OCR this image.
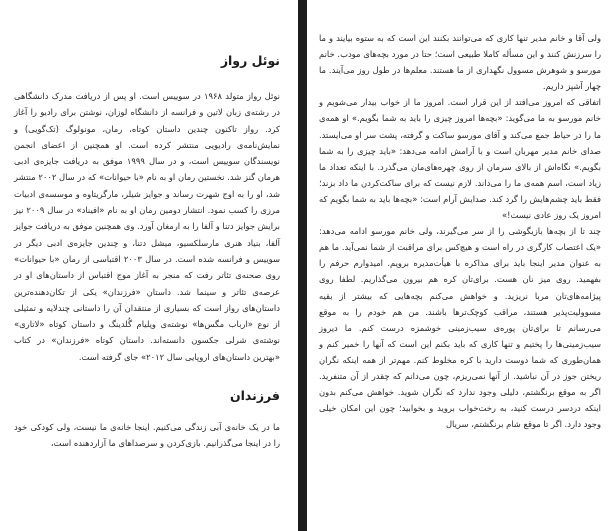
نوئل رواز

نوئل رواز متولد ۱۹۶۸ در سوییس است. او پس از دریافت مدرک دانشگاهی در رشته‌ی زبان لاتین و فرانسه از دانشگاه لوزان، نوشتن برای رادیو را آغاز کرد. رواز تاکنون چندین داستان کوتاه، رمان، مونولوگ (تک‌گویی) و نمایش‌نامه‌ی رادیویی منتشر کرده است. او همچنین از اعضای انجمن نویسندگان سوییس است، و در سال ۱۹۹۹ موفق به دریافت جایزه‌ی ادبی هرمان گنز شد. نخستین رمان او به نام «با حیوانات» که در سال ۲۰۰۲ منتشر شد، او را به اوج شهرت رساند و جوایز شیلر، مارگریتاوه و موسسه‌ی ادبیات مرزی را کسب نمود. انتشار دومین رمان او به نام «افیناد» در سال ۲۰۰۹ نیز برایش جوایز دتنا و آلفا را به ارمغان آورد. وی همچنین موفق به دریافت جوایز آلفا، بنیاد هنری مارسلکسیو، میشل دتنا، و چندین جایزه‌ی ادبی دیگر در سوییس و فرانسه شده است. در سال ۲۰۰۳ اقتباسی از رمان «با حیوانات» روی صحنه‌ی تئاتر رفت که منجر به آغاز موج اقتباس از داستان‌های او در عرصه‌ی تئاتر و سینما شد. داستان «فرزندان» یکی از تکان‌دهنده‌ترین داستان‌های رواز است که بسیاری از منتقدان آن را داستانی چندلایه و تمثیلی از نوع «ارباب مگس‌ها» نوشته‌ی ویلیام گُلدینگ و داستان کوتاه «لاتاری» نوشته‌ی شرلی جکسون دانسته‌اند. داستان کوتاه «فرزندان» در کتاب «بهترین داستان‌های اروپایی سال ۲۰۱۲» جای گرفته است.

فرزندان

ما در یک خانه‌ی آبی زندگی می‌کنیم. اینجا خانه‌ی ما نیست، ولی کودکی خود را در اینجا می‌گذرانیم. بازی‌کردن و سرصداهای ما آزاردهنده است،

ولی آقا و خانم مدیر تنها کاری که می‌توانند بکنند این است که به ستوه بیایند و ما را سرزنش کنند و این مسأله کاملا طبیعی است؛ حتا در مورد بچه‌های مودب. خانم مورسو و شوهرش مسوول نگهداری از ما هستند. معلم‌ها در طول روز می‌آیند. ما چهار آشپز داریم.

اتفاقی که امروز می‌افتد از این قرار است. امروز ما از خواب بیدار می‌شویم و خانم مورسو به ما می‌گوید: «بچه‌ها امروز چیزی را باید به شما بگویم.» او همه‌ی ما را در حیاط جمع می‌کند و آقای مورسو ساکت و گرفته، پشت سر او می‌ایستد. صدای خانم مدیر مهربان است و با آرامش ادامه می‌دهد: «باید چیزی را به شما بگویم.» نگاه‌اش از بالای سرمان از روی چهره‌های‌مان می‌گذرد. با اینکه تعداد ما زیاد است، اسم همه‌ی ما را می‌داند. لازم نیست که برای ساکت‌کردن ما داد بزند؛ فقط باید چشم‌هایش را گرد کند. صدایش آرام است: «بچه‌ها باید به شما بگویم که امروز یک روز عادی نیست!»

چند تا از بچه‌ها بازیگوشی را از سر می‌گیرند، ولی خانم مورسو ادامه می‌دهد: «یک اعتصاب کارگری در راه است و هیچ‌کس برای مراقبت از شما نمی‌آید. ما هم به عنوان مدیر اینجا باید برای مذاکره با هیأت‌مدیره برویم. امیدوارم حرفم را بفهمید. روی میز نان هست. برای‌تان کره هم بیرون می‌گذاریم. لطفا روی پیژامه‌های‌تان مربا نریزید. و خواهش می‌کنم بچه‌هایی که بیشتر از بقیه مسوولیت‌پذیر هستند، مراقب کوچک‌ترها باشند. من هم خودم را به موقع می‌رسانم تا برای‌تان پوره‌ی سیب‌زمینی خوشمزه درست کنم. ما دیروز سیب‌زمینی‌ها را پختیم و تنها کاری که باید بکنم این است که آنها را خمیر کنم و همان‌طوری که شما دوست دارید با کره مخلوط کنم. مهم‌تر از همه اینکه نگران ریختن جوز در آن نباشید. از آنها نمی‌ریزم، چون می‌دانم که چقدر از آن متنفرید. اگر به موقع برنگشتم، دلیلی وجود ندارد که نگران شوید. خواهش می‌کنم بدون اینکه دردسر درست کنید، به رخت‌خواب بروید و بخوابید؛ چون این امکان خیلی وجود دارد. اگر تا موقع شام برنگشتم، سریال
